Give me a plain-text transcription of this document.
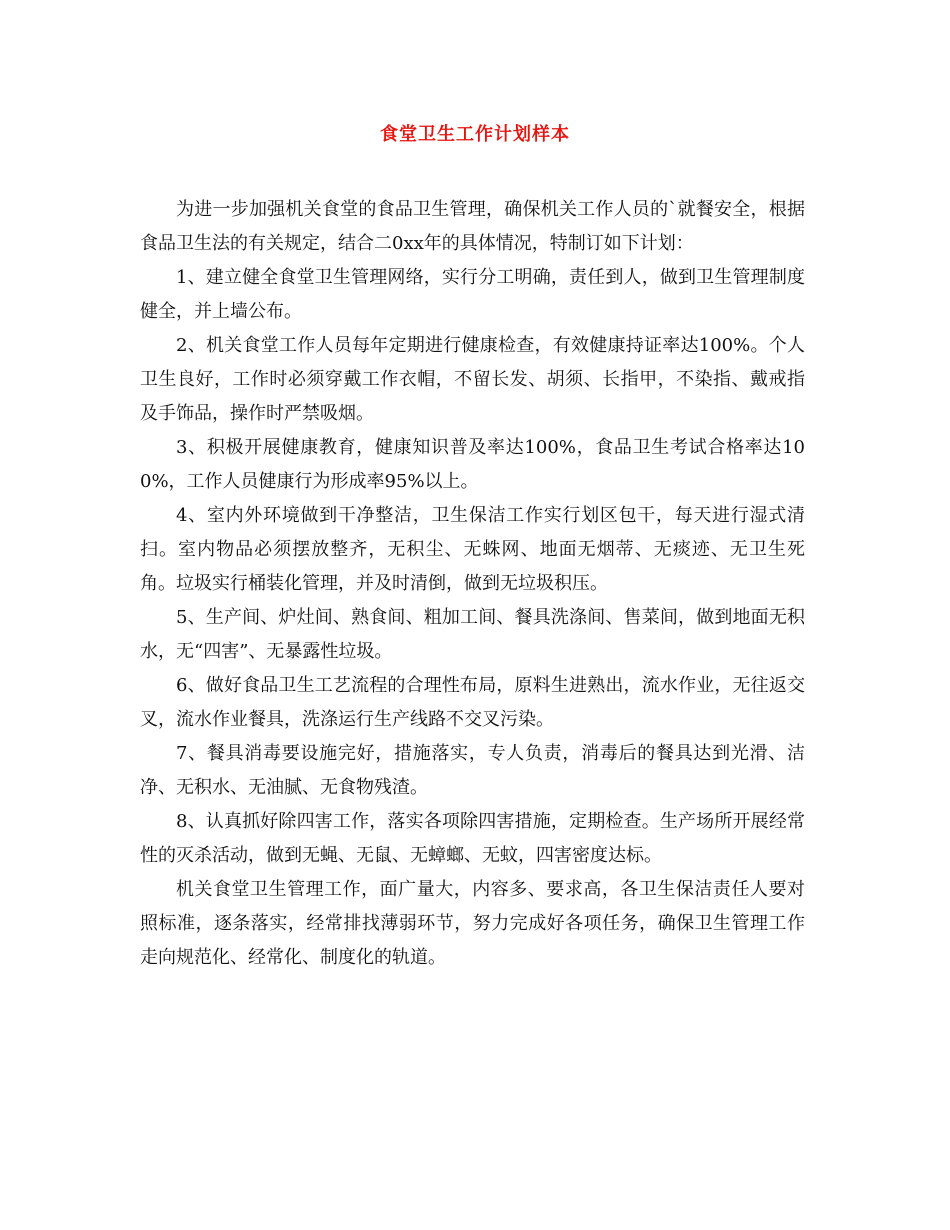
食堂卫生工作计划样本

为进一步加强机关食堂的食品卫生管理，确保机关工作人员的`就餐安全，根据食品卫生法的有关规定，结合二0xx年的具体情况，特制订如下计划：

1、建立健全食堂卫生管理网络，实行分工明确，责任到人，做到卫生管理制度健全，并上墙公布。

2、机关食堂工作人员每年定期进行健康检查，有效健康持证率达100%。个人卫生良好，工作时必须穿戴工作衣帽，不留长发、胡须、长指甲，不染指、戴戒指及手饰品，操作时严禁吸烟。

3、积极开展健康教育，健康知识普及率达100%，食品卫生考试合格率达100%，工作人员健康行为形成率95%以上。

4、室内外环境做到干净整洁，卫生保洁工作实行划区包干，每天进行湿式清扫。室内物品必须摆放整齐，无积尘、无蛛网、地面无烟蒂、无痰迹、无卫生死角。垃圾实行桶装化管理，并及时清倒，做到无垃圾积压。

5、生产间、炉灶间、熟食间、粗加工间、餐具洗涤间、售菜间，做到地面无积水，无“四害”、无暴露性垃圾。

6、做好食品卫生工艺流程的合理性布局，原料生进熟出，流水作业，无往返交叉，流水作业餐具，洗涤运行生产线路不交叉污染。

7、餐具消毒要设施完好，措施落实，专人负责，消毒后的餐具达到光滑、洁净、无积水、无油腻、无食物残渣。

8、认真抓好除四害工作，落实各项除四害措施，定期检查。生产场所开展经常性的灭杀活动，做到无蝇、无鼠、无蟑螂、无蚊，四害密度达标。

机关食堂卫生管理工作，面广量大，内容多、要求高，各卫生保洁责任人要对照标准，逐条落实，经常排找薄弱环节，努力完成好各项任务，确保卫生管理工作走向规范化、经常化、制度化的轨道。
